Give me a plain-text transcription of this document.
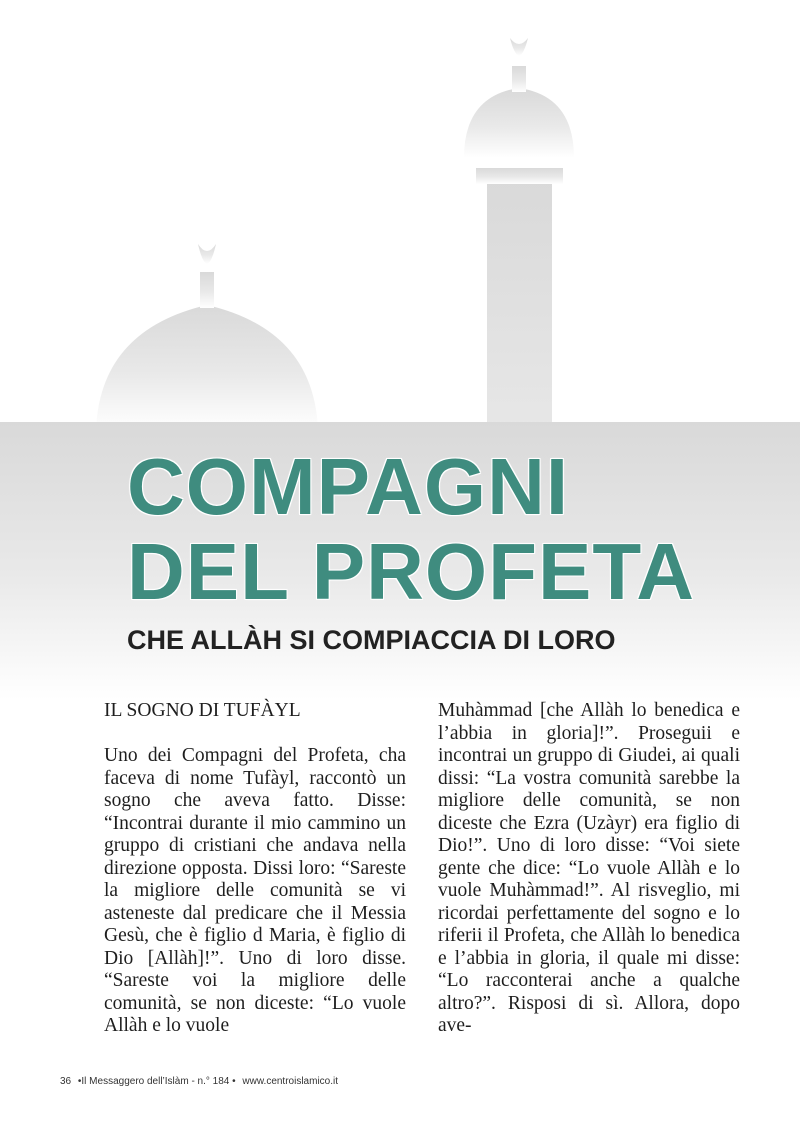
COMPAGNI
DEL PROFETA
CHE ALLÀH SI COMPIACCIA DI LORO
IL SOGNO DI TUFÀYL

Uno dei Compagni del Profeta, cha faceva di nome Tufàyl, raccontò un sogno che aveva fatto. Disse: “Incontrai durante il mio cammino un gruppo di cristiani che andava nella direzione opposta. Dissi loro: “Sareste la migliore delle comunità se vi asteneste dal predicare che il Messia Gesù, che è figlio d Maria, è figlio di Dio [Allàh]!”. Uno di loro disse. “Sareste voi la migliore delle comunità, se non diceste: “Lo vuole Allàh e lo vuole

Muhàmmad [che Allàh lo benedica e l’abbia in gloria]!”. Proseguii e incontrai un gruppo di Giudei, ai quali dissi: “La vostra comunità sarebbe la migliore delle comunità, se non diceste che Ezra (Uzàyr) era figlio di Dio!”. Uno di loro disse: “Voi siete gente che dice: “Lo vuole Allàh e lo vuole Muhàmmad!”. Al risveglio, mi ricordai perfettamente del sogno e lo riferii il Profeta, che Allàh lo benedica e l’abbia in gloria, il quale mi disse: “Lo racconterai anche a qualche altro?”. Risposi di sì. Allora, dopo ave-

36 •Il Messaggero dell’Islàm - n.° 184 • www.centroislamico.it
